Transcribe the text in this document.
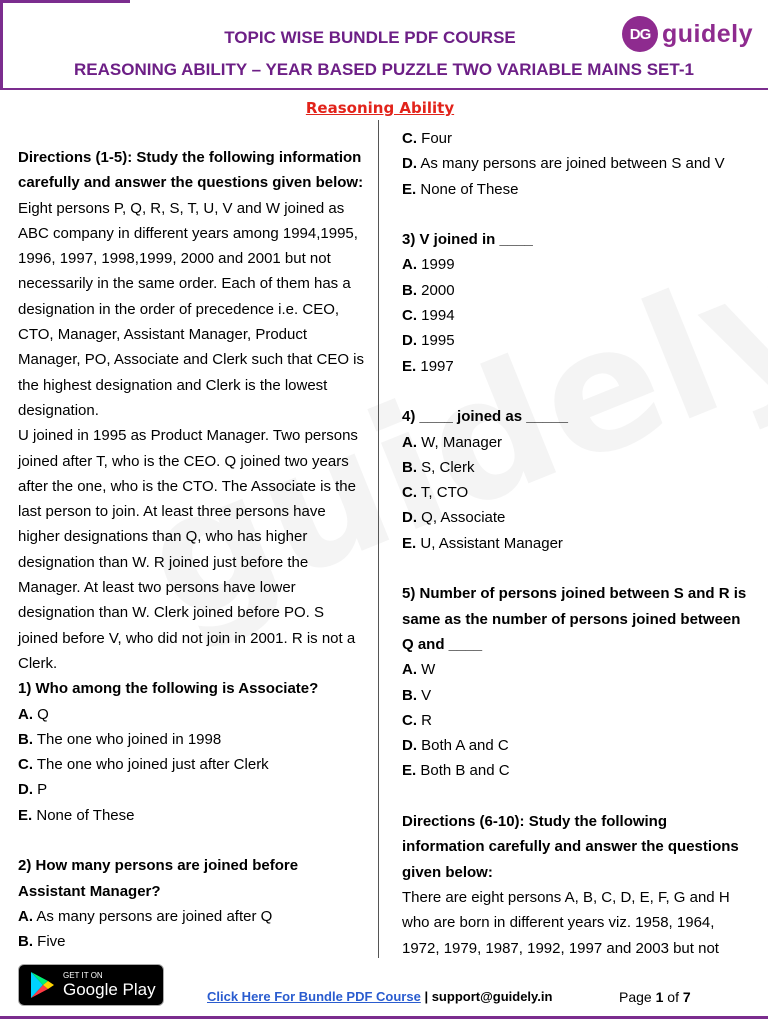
TOPIC WISE BUNDLE PDF COURSE
REASONING ABILITY – YEAR BASED PUZZLE TWO VARIABLE MAINS SET-1
DG guidely
Reasoning Ability
Directions (1-5): Study the following information carefully and answer the questions given below:
Eight persons P, Q, R, S, T, U, V and W joined as ABC company in different years among 1994,1995, 1996, 1997, 1998,1999, 2000 and 2001 but not necessarily in the same order. Each of them has a designation in the order of precedence i.e. CEO, CTO, Manager, Assistant Manager, Product Manager, PO, Associate and Clerk such that CEO is the highest designation and Clerk is the lowest designation.
U joined in 1995 as Product Manager. Two persons joined after T, who is the CEO. Q joined two years after the one, who is the CTO. The Associate is the last person to join. At least three persons have higher designations than Q, who has higher designation than W. R joined just before the Manager. At least two persons have lower designation than W. Clerk joined before PO. S joined before V, who did not join in 2001. R is not a Clerk.
1) Who among the following is Associate?
A. Q
B. The one who joined in 1998
C. The one who joined just after Clerk
D. P
E. None of These
2) How many persons are joined before Assistant Manager?
A. As many persons are joined after Q
B. Five
C. Four
D. As many persons are joined between S and V
E. None of These
3) V joined in ____
A. 1999
B. 2000
C. 1994
D. 1995
E. 1997
4) ____ joined as _____
A. W, Manager
B. S, Clerk
C. T, CTO
D. Q, Associate
E. U, Assistant Manager
5) Number of persons joined between S and R is same as the number of persons joined between Q and ____
A. W
B. V
C. R
D. Both A and C
E. Both B and C
Directions (6-10): Study the following information carefully and answer the questions given below:
There are eight persons A, B, C, D, E, F, G and H who are born in different years viz. 1958, 1964, 1972, 1979, 1987, 1992, 1997 and 2003 but not
GET IT ON
Google Play	Click Here For Bundle PDF Course | support@guidely.in	Page 1 of 7
